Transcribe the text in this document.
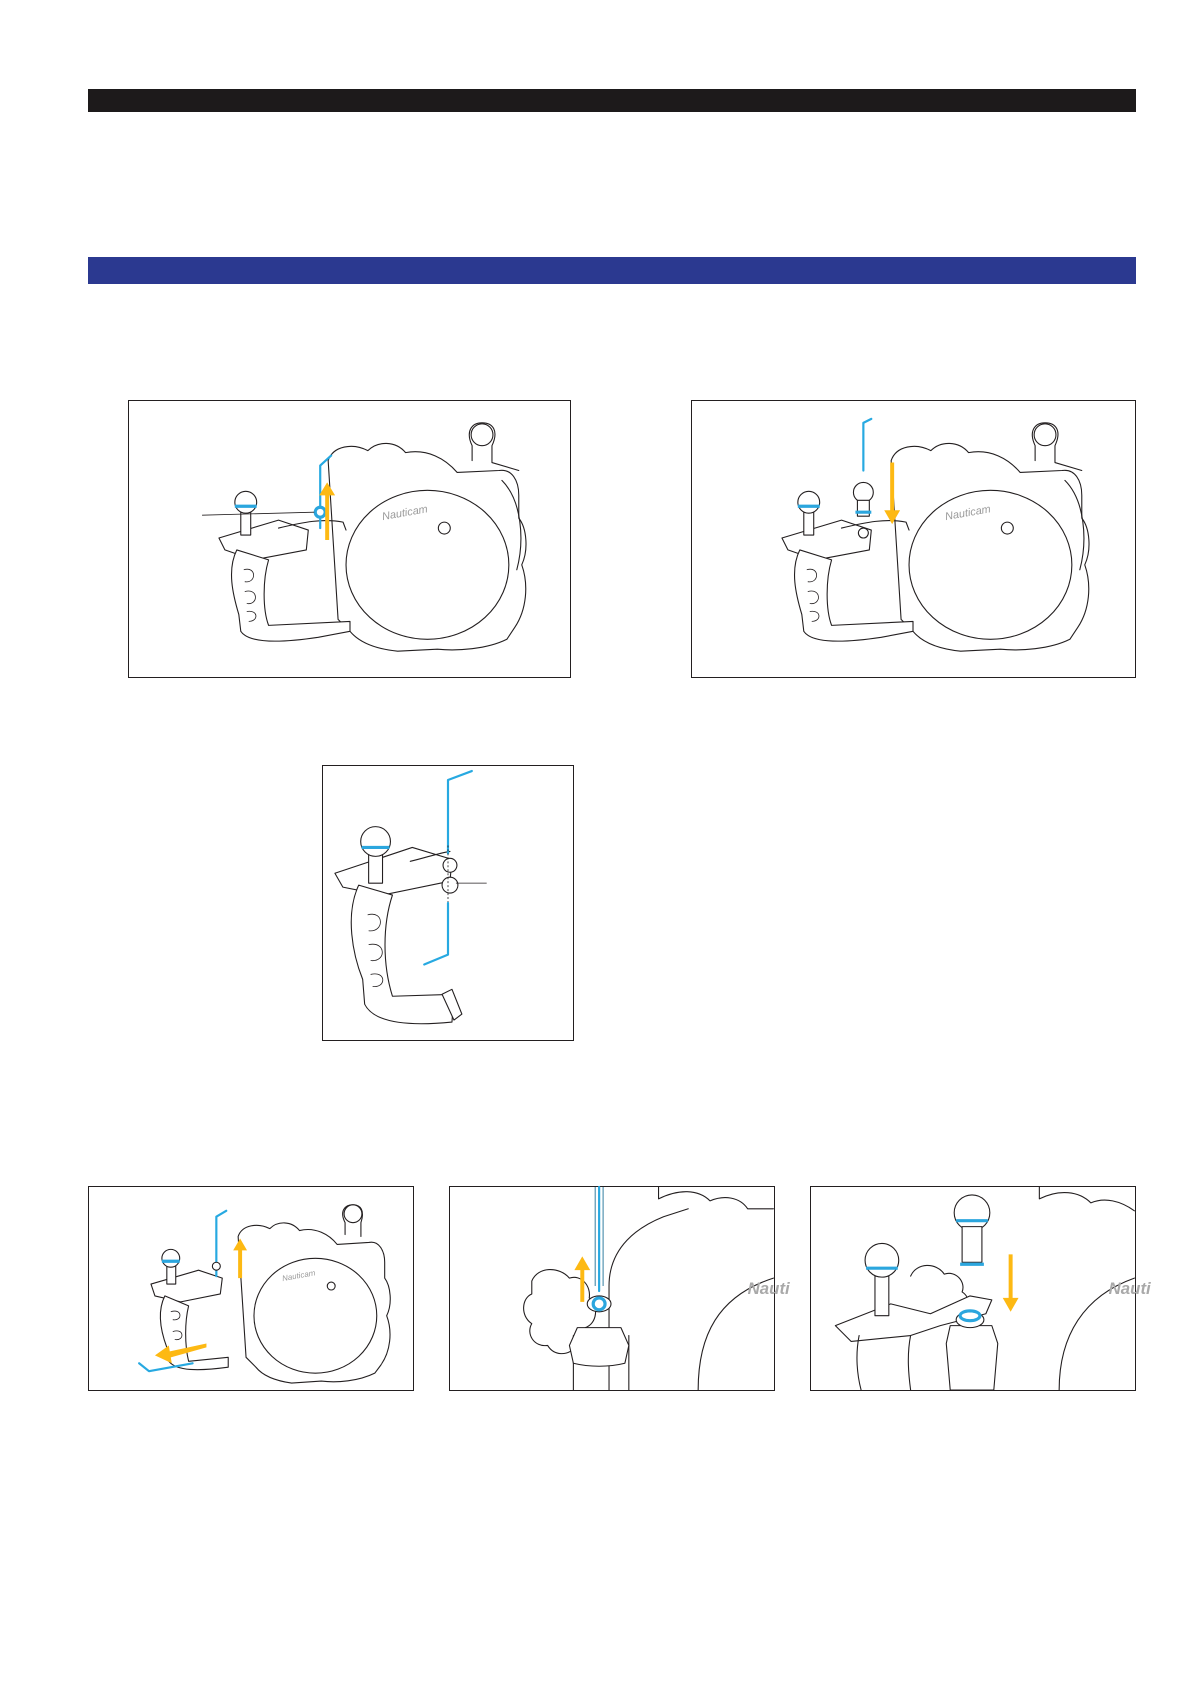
Nauticam	Nauticam
Nauticam
Nauti	Nauti
